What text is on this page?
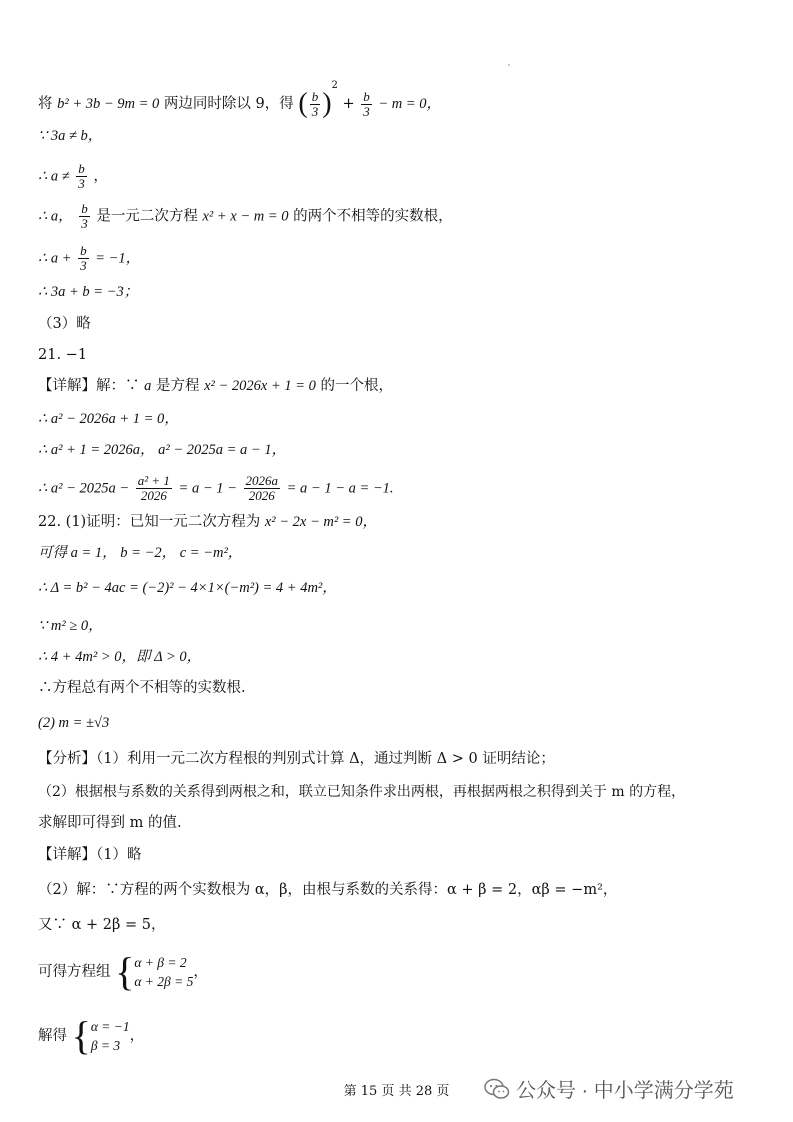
将 b² + 3b − 9m = 0 两边同时除以 9，得 ( $\frac{b}{3} )^2 + \frac{b}{3} - m = 0$，
∵ 3a ≠ b，
∴ $a \ne \frac{b}{3}$ ，
∴ a， $\frac{b}{3}$ 是一元二次方程 x² + x − m = 0 的两个不相等的实数根，
∴ $a + \frac{b}{3} = -1$，
∴ 3a + b = −3；
（3）略
21. −1
【详解】解：∵ a 是方程 x² − 2026x + 1 = 0 的一个根，
∴ a² − 2026a + 1 = 0，
∴ a² + 1 = 2026a， a² − 2025a = a − 1，
∴ $a^2 - 2025a - \frac{\text{a² + 1}}{2026} = a - 1 - \frac{2026a}{2026} = a - 1 - a = -1$.
22. (1)证明：已知一元二次方程为 x² − 2x − m² = 0，
可得 a = 1， b = −2， c = −m²，
∴ Δ = b² − 4ac = (−2)² − 4×1×(−m²) = 4 + 4m²，
∵ m² ≥ 0，
∴ 4 + 4m² > 0，即 Δ > 0，
∴方程总有两个不相等的实数根.
(2) m = ±√3
【分析】（1）利用一元二次方程根的判别式计算 Δ，通过判断 Δ > 0 证明结论；
（2）根据根与系数的关系得到两根之和，联立已知条件求出两根，再根据两根之积得到关于 m 的方程，
求解即可得到 m 的值.
【详解】（1）略
（2）解：∵方程的两个实数根为 α，β，由根与系数的关系得：α + β = 2，αβ = −m²，
又∵ α + 2β = 5，
可得方程组 { α + β = 2
α + 2β = 5
，
解得 { α = −1
β = 3
，
第 15 页 共 28 页	公众号 · 中小学满分学苑
